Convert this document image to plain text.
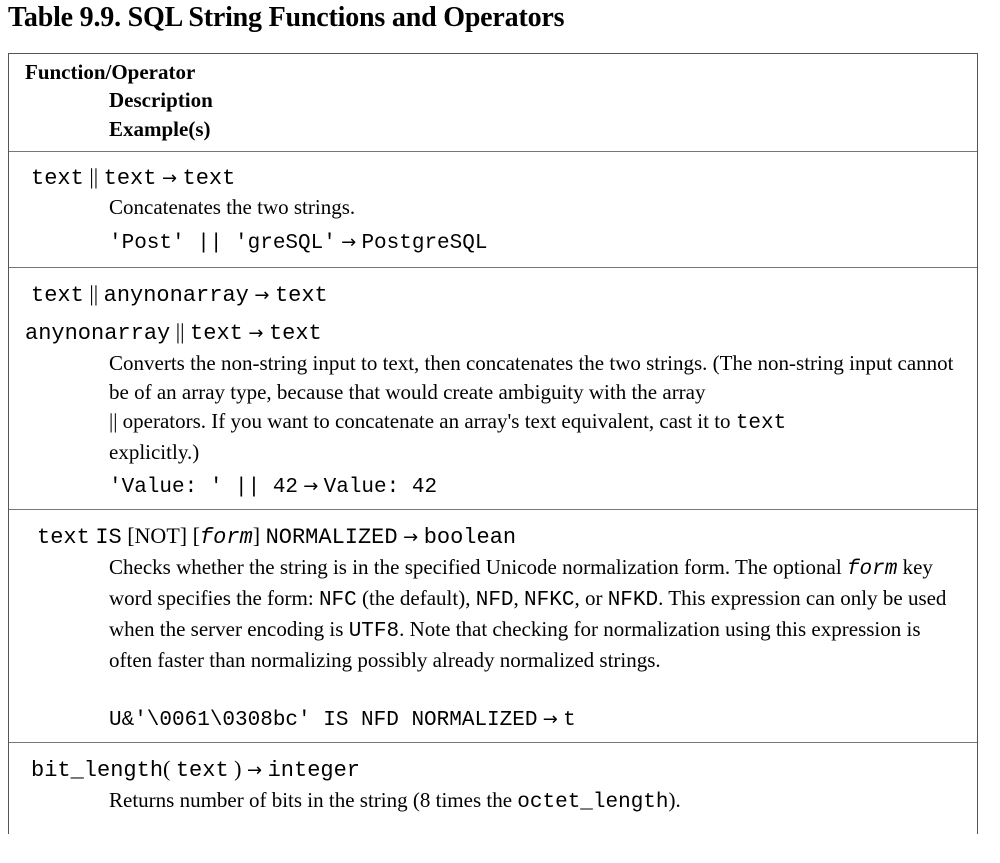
Table 9.9. SQL String Functions and Operators
Function/Operator
Description
Example(s)
text || text → text
Concatenates the two strings.
'Post' || 'greSQL' → PostgreSQL
text || anynonarray → text
anynonarray || text → text
Converts the non-string input to text, then concatenates the two strings. (The non-string input cannot be of an array type, because that would create ambiguity with the array
|| operators. If you want to concatenate an array's text equivalent, cast it to text
explicitly.)
'Value: ' || 42 → Value: 42
text IS [NOT] [form] NORMALIZED → boolean
Checks whether the string is in the specified Unicode normalization form. The optional form key word specifies the form: NFC (the default), NFD, NFKC, or NFKD. This expression can only be used when the server encoding is UTF8. Note that checking for normalization using this expression is often faster than normalizing possibly already normalized strings.
U&'\0061\0308bc' IS NFD NORMALIZED → t
bit_length( text ) → integer
Returns number of bits in the string (8 times the octet_length).
